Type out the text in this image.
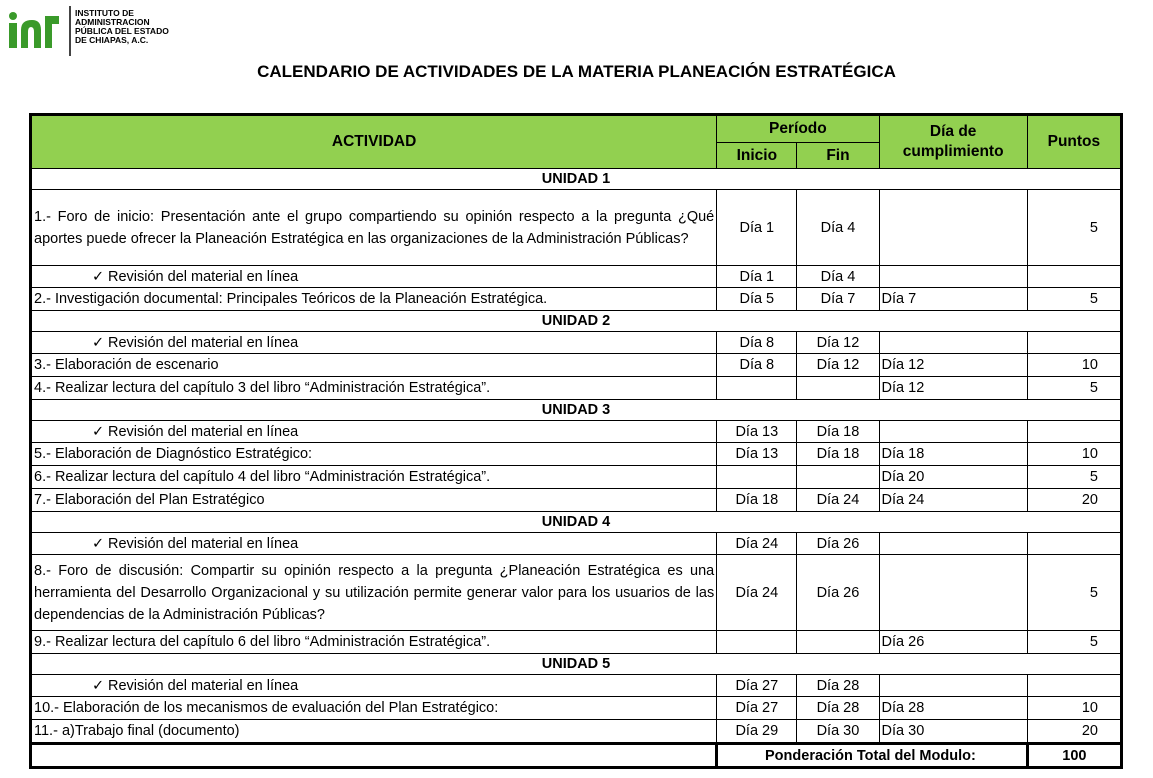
INSTITUTO DE
ADMINISTRACION
PÚBLICA DEL ESTADO
DE CHIAPAS, A.C.
CALENDARIO DE ACTIVIDADES DE LA MATERIA PLANEACIÓN ESTRATÉGICA
ACTIVIDAD	Período		Día de
cumplimiento	Puntos
	Inicio	Fin		
UNIDAD 1				
1.- Foro de inicio: Presentación ante el grupo compartiendo su opinión respecto a la pregunta ¿Qué aportes puede ofrecer la Planeación Estratégica en las organizaciones de la Administración Públicas?	Día 1	Día 4		5
✓ Revisión del material en línea	Día 1	Día 4		
2.- Investigación documental: Principales Teóricos de la Planeación Estratégica.	Día 5	Día 7	Día 7	5
UNIDAD 2				
✓ Revisión del material en línea	Día 8	Día 12		
3.- Elaboración de escenario	Día 8	Día 12	Día 12	10
4.- Realizar lectura del capítulo 3 del libro “Administración Estratégica”.			Día 12	5
UNIDAD 3				
✓ Revisión del material en línea	Día 13	Día 18		
5.- Elaboración de Diagnóstico Estratégico:	Día 13	Día 18	Día 18	10
6.- Realizar lectura del capítulo 4 del libro “Administración Estratégica”.			Día 20	5
7.- Elaboración del Plan Estratégico	Día 18	Día 24	Día 24	20
UNIDAD 4				
✓ Revisión del material en línea	Día 24	Día 26		
8.- Foro de discusión: Compartir su opinión respecto a la pregunta ¿Planeación Estratégica es una herramienta del Desarrollo Organizacional y su utilización permite generar valor para los usuarios de las dependencias de la Administración Públicas?	Día 24	Día 26		5
9.- Realizar lectura del capítulo 6 del libro “Administración Estratégica”.			Día 26	5
UNIDAD 5				
✓ Revisión del material en línea	Día 27	Día 28		
10.- Elaboración de los mecanismos de evaluación del Plan Estratégico:	Día 27	Día 28	Día 28	10
11.- a)Trabajo final (documento)	Día 29	Día 30	Día 30	20
	Ponderación Total del Modulo:			100
